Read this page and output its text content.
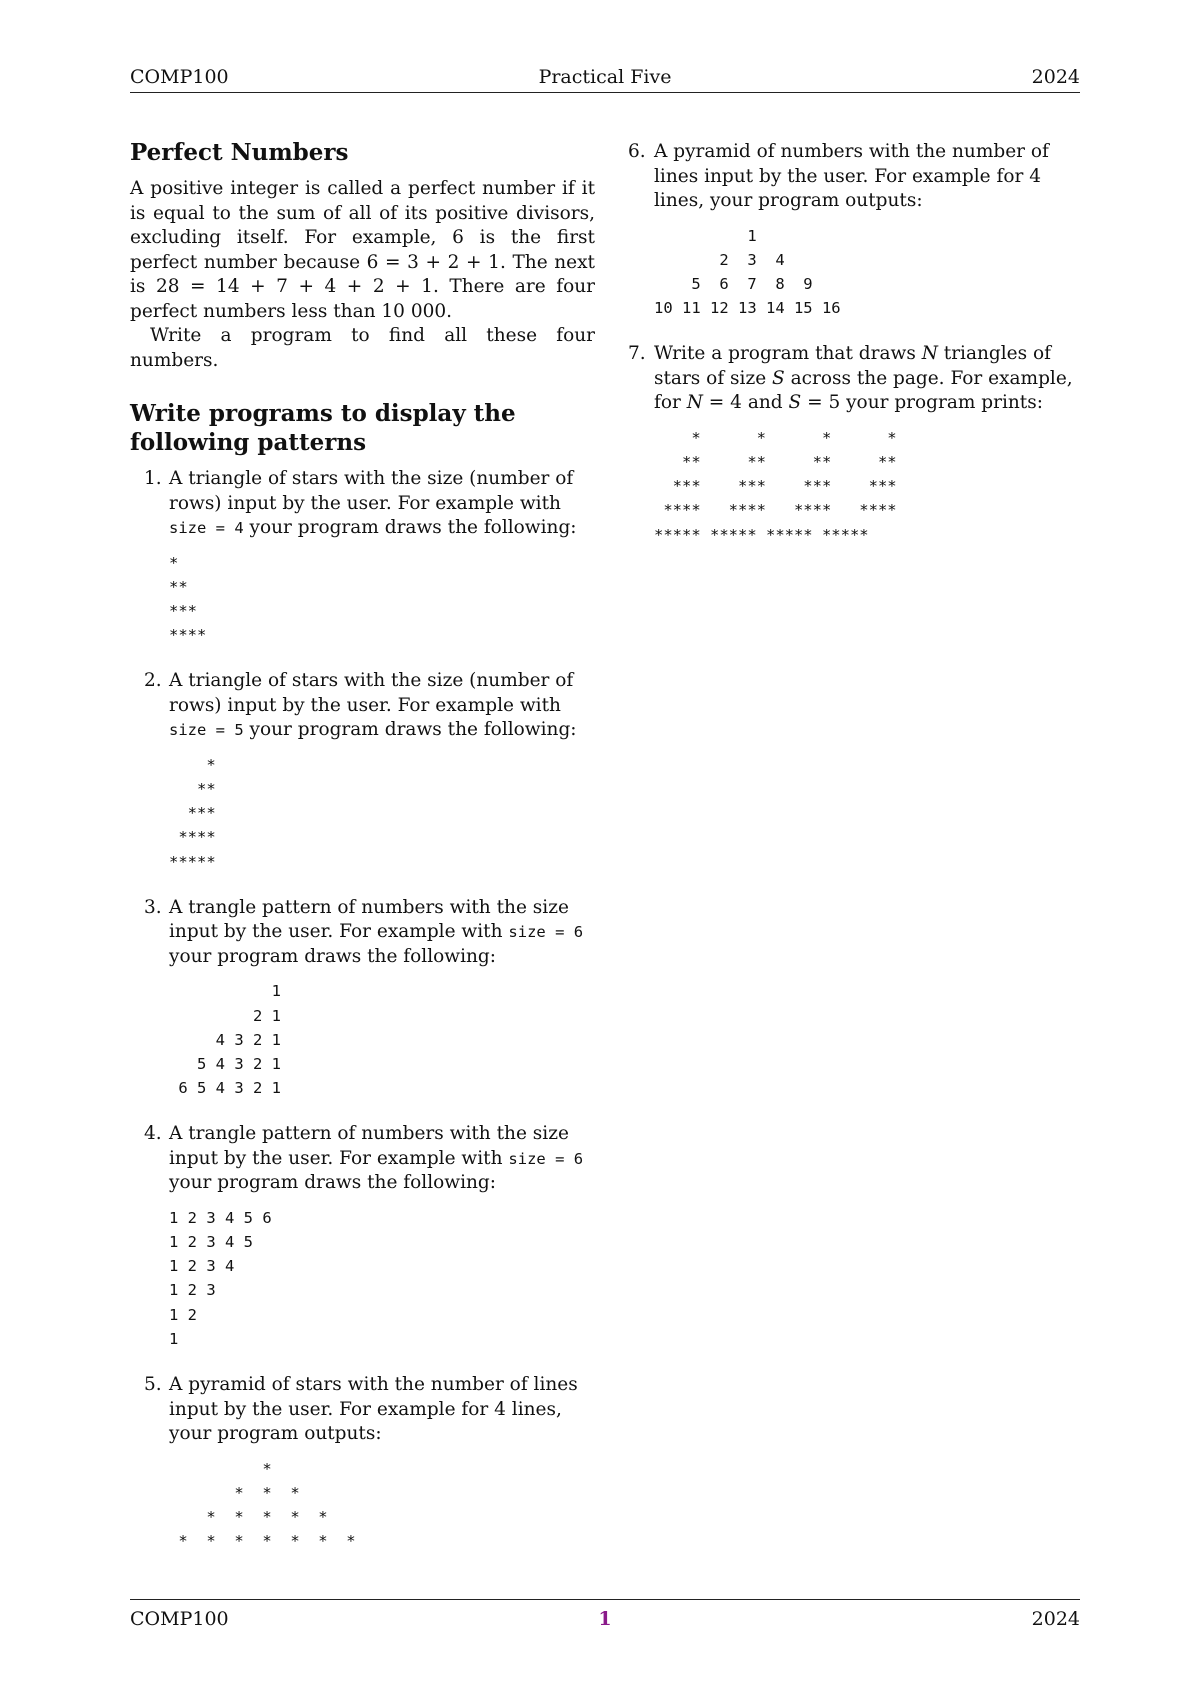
COMP100	Practical Five	2024
Perfect Numbers

A positive integer is called a perfect number if it is equal to the sum of all of its positive divisors, excluding itself. For example, 6 is the first perfect number because 6 = 3 + 2 + 1. The next is 28 = 14 + 7 + 4 + 2 + 1. There are four perfect numbers less than 10 000.

Write a program to find all these four numbers.

Write programs to display the following patterns
1. A triangle of stars with the size (number of rows) input by the user. For example with size = 4 your program draws the following:
*
**
***
****
2. A triangle of stars with the size (number of rows) input by the user. For example with size = 5 your program draws the following:
*
**
***
****
*****
3. A trangle pattern of numbers with the size input by the user. For example with size = 6 your program draws the following:
1
2 1
4 3 2 1
5 4 3 2 1
6 5 4 3 2 1
4. A trangle pattern of numbers with the size input by the user. For example with size = 6 your program draws the following:
1 2 3 4 5 6
1 2 3 4 5
1 2 3 4
1 2 3
1 2
1
5. A pyramid of stars with the number of lines input by the user. For example for 4 lines, your program outputs:
*
*  *  *
*  *  *  *  *
*  *  *  *  *  *  *
6. A pyramid of numbers with the number of lines input by the user. For example for 4 lines, your program outputs:
1
2  3  4
5  6  7  8  9
10 11 12 13 14 15 16
7. Write a program that draws N triangles of stars of size S across the page. For example, for N = 4 and S = 5 your program prints:
*      *      *      *
**     **     **     **
***    ***    ***    ***
****   ****   ****   ****
***** ***** ***** *****
COMP100	1	2024
